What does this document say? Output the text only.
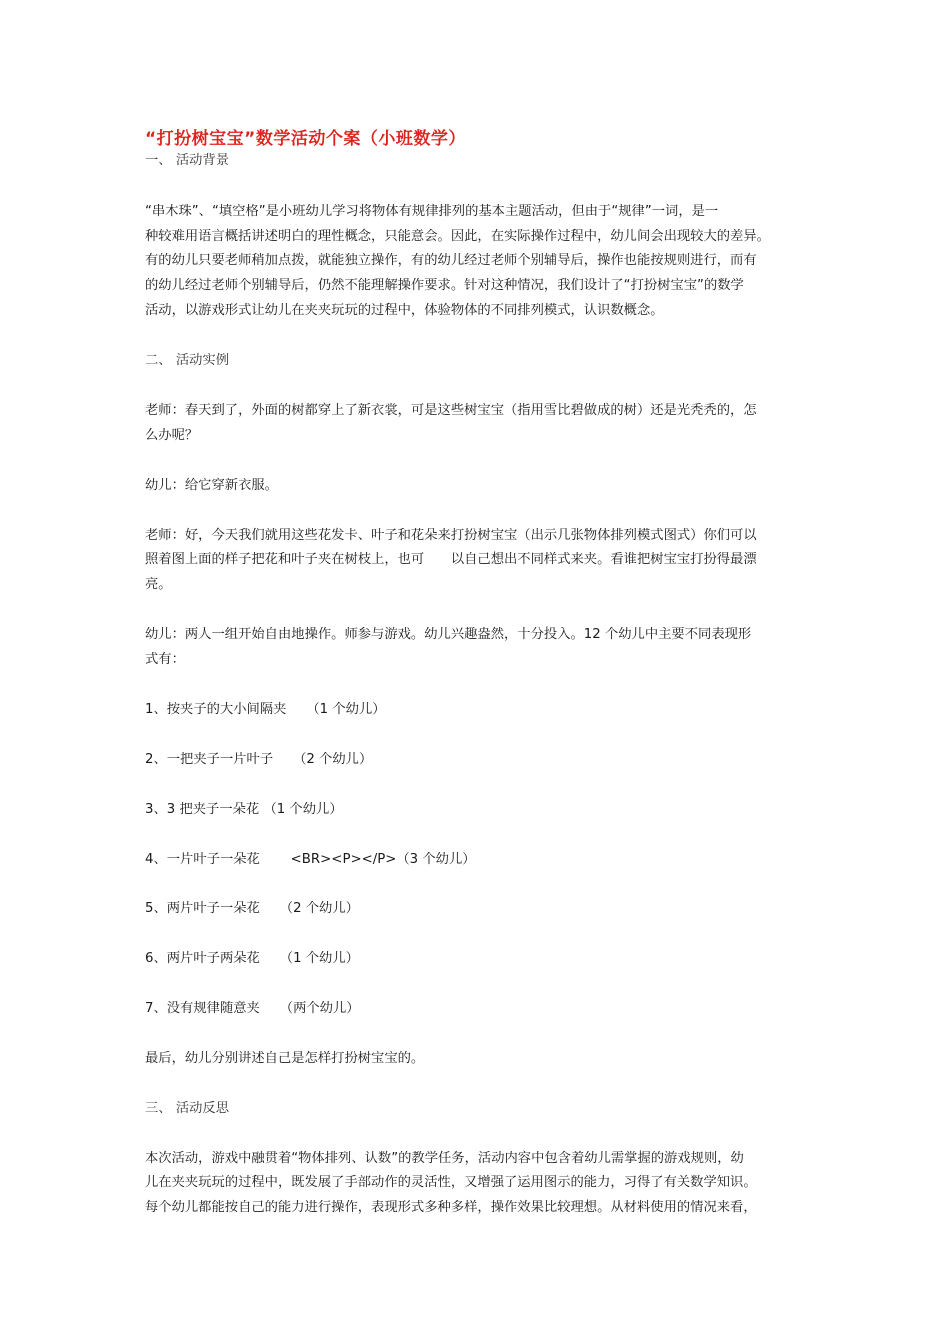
“打扮树宝宝”数学活动个案（小班数学）
一、 活动背景
“串木珠”、“填空格”是小班幼儿学习将物体有规律排列的基本主题活动，但由于“规律”一词，是一
种较难用语言概括讲述明白的理性概念，只能意会。因此，在实际操作过程中，幼儿间会出现较大的差异。
有的幼儿只要老师稍加点拨，就能独立操作，有的幼儿经过老师个别辅导后，操作也能按规则进行，而有
的幼儿经过老师个别辅导后，仍然不能理解操作要求。针对这种情况，我们设计了“打扮树宝宝”的数学
活动，以游戏形式让幼儿在夹夹玩玩的过程中，体验物体的不同排列模式，认识数概念。
二、 活动实例
老师：春天到了，外面的树都穿上了新衣裳，可是这些树宝宝（指用雪比碧做成的树）还是光秃秃的，怎
么办呢？
幼儿：给它穿新衣服。
老师：好，今天我们就用这些花发卡、叶子和花朵来打扮树宝宝（出示几张物体排列模式图式）你们可以
照着图上面的样子把花和叶子夹在树枝上，也可　　以自己想出不同样式来夹。看谁把树宝宝打扮得最漂
亮。
幼儿：两人一组开始自由地操作。师参与游戏。幼儿兴趣盎然，十分投入。12 个幼儿中主要不同表现形
式有：
1、按夹子的大小间隔夹　　（1 个幼儿）
2、一把夹子一片叶子　　（2 个幼儿）
3、3 把夹子一朵花 （1 个幼儿）
4、一片叶子一朵花　　 <BR><P></P>（3 个幼儿）
5、两片叶子一朵花　　（2 个幼儿）
6、两片叶子两朵花　　（1 个幼儿）
7、没有规律随意夹　　（两个幼儿）
最后，幼儿分别讲述自己是怎样打扮树宝宝的。
三、 活动反思
本次活动，游戏中融贯着“物体排列、认数”的教学任务，活动内容中包含着幼儿需掌握的游戏规则，幼
儿在夹夹玩玩的过程中，既发展了手部动作的灵活性，又增强了运用图示的能力，习得了有关数学知识。
每个幼儿都能按自己的能力进行操作，表现形式多种多样，操作效果比较理想。从材料使用的情况来看，
